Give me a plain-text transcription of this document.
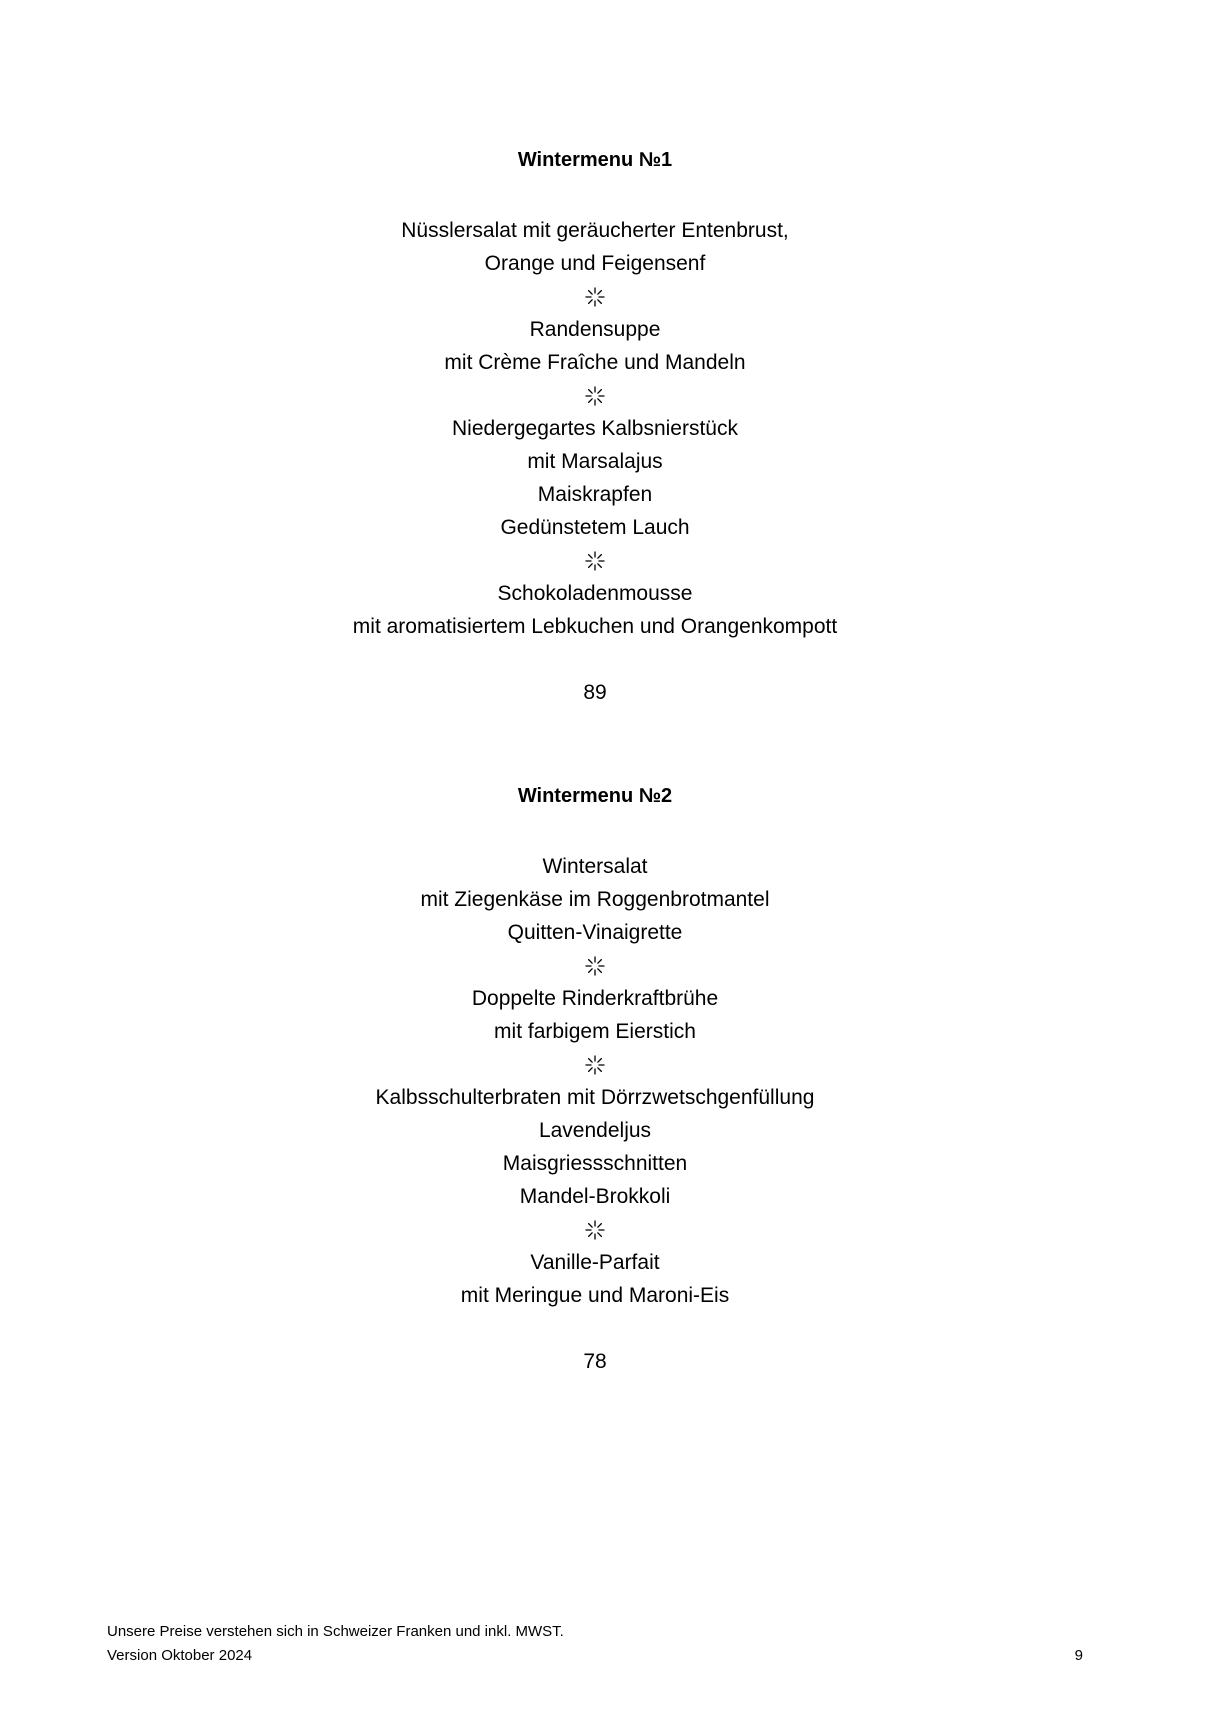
Wintermenu №1
Nüsslersalat mit geräucherter Entenbrust,
Orange und Feigensenf
Randensuppe
mit Crème Fraîche und Mandeln
Niedergegartes Kalbsnierstück
mit Marsalajus
Maiskrapfen
Gedünstetem Lauch
Schokoladenmousse
mit aromatisiertem Lebkuchen und Orangenkompott
89
Wintermenu №2
Wintersalat
mit Ziegenkäse im Roggenbrotmantel
Quitten-Vinaigrette
Doppelte Rinderkraftbrühe
mit farbigem Eierstich
Kalbsschulterbraten mit Dörrzwetschgenfüllung
Lavendeljus
Maisgriessschnitten
Mandel-Brokkoli
Vanille-Parfait
mit Meringue und Maroni-Eis
78
Unsere Preise verstehen sich in Schweizer Franken und inkl. MWST.
Version Oktober 2024	9
